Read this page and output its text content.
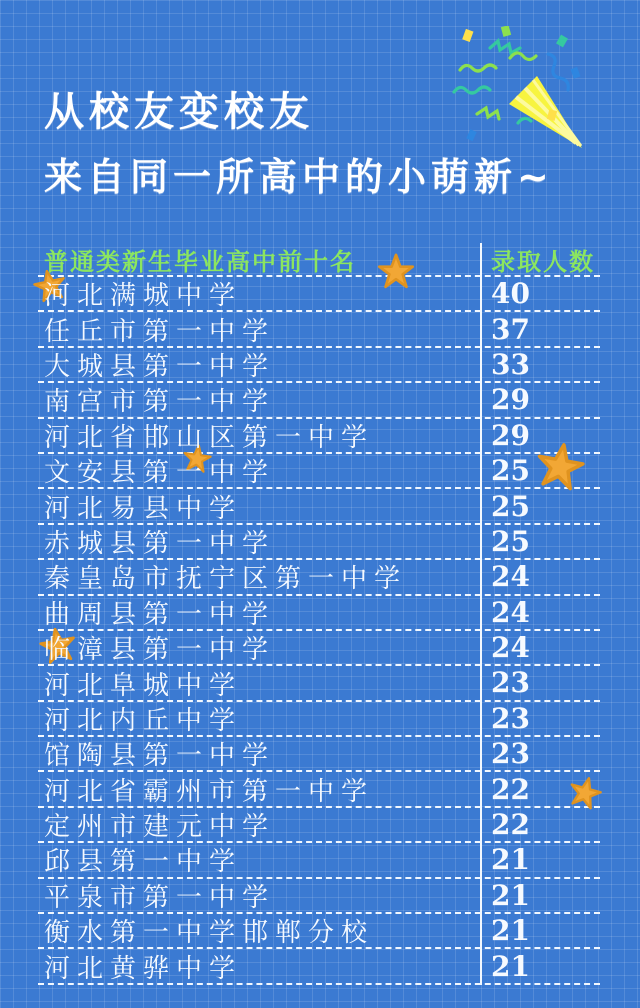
从校友变校友
来自同一所高中的小萌新~
普通类新生毕业高中前十名	录取人数
河北满城中学	40
任丘市第一中学	37
大城县第一中学	33
南宫市第一中学	29
河北省邯山区第一中学	29
文安县第一中学	25
河北易县中学	25
赤城县第一中学	25
秦皇岛市抚宁区第一中学	24
曲周县第一中学	24
临漳县第一中学	24
河北阜城中学	23
河北内丘中学	23
馆陶县第一中学	23
河北省霸州市第一中学	22
定州市建元中学	22
邱县第一中学	21
平泉市第一中学	21
衡水第一中学邯郸分校	21
河北黄骅中学	21
